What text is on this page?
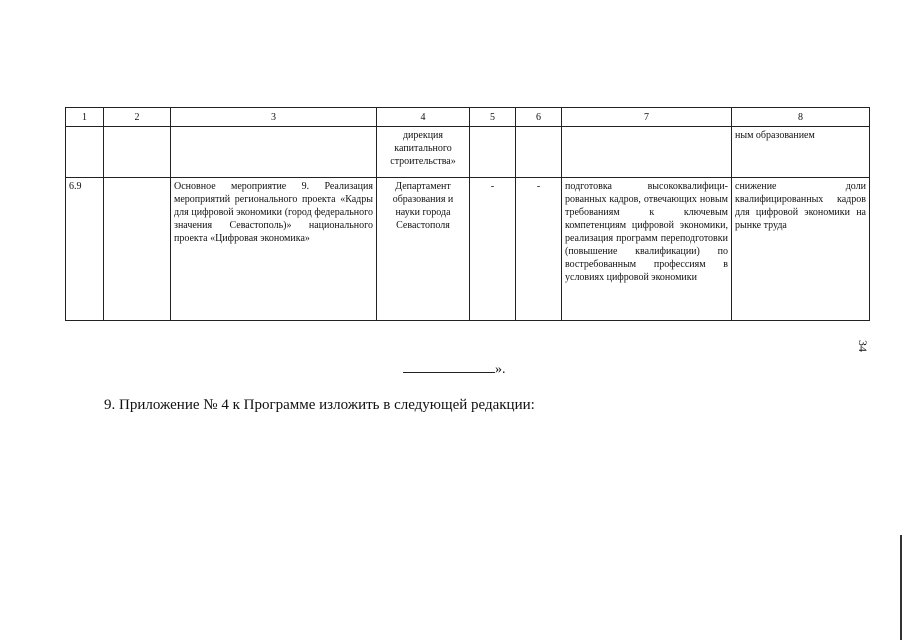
1	2	3	4	5	6	7	8
			дирекция капитального строительства»				ным образованием
6.9		Основное мероприятие 9. Реализация мероприятий регионального проекта «Кадры для цифровой экономики (город федерального значения Севастополь)» национального проекта «Цифровая экономика»	Департамент образования и науки города Севастополя	-	-	подготовка высококвалифици-рованных кадров, отвечающих новым требованиям к ключевым компетенциям цифровой экономики, реализация программ переподготовки (повышение квалификации) по востребованным профессиям в условиях цифровой экономики	снижение доли квалифицированных кадров для цифровой экономики на рынке труда
».
34
9. Приложение № 4 к Программе изложить в следующей редакции:
